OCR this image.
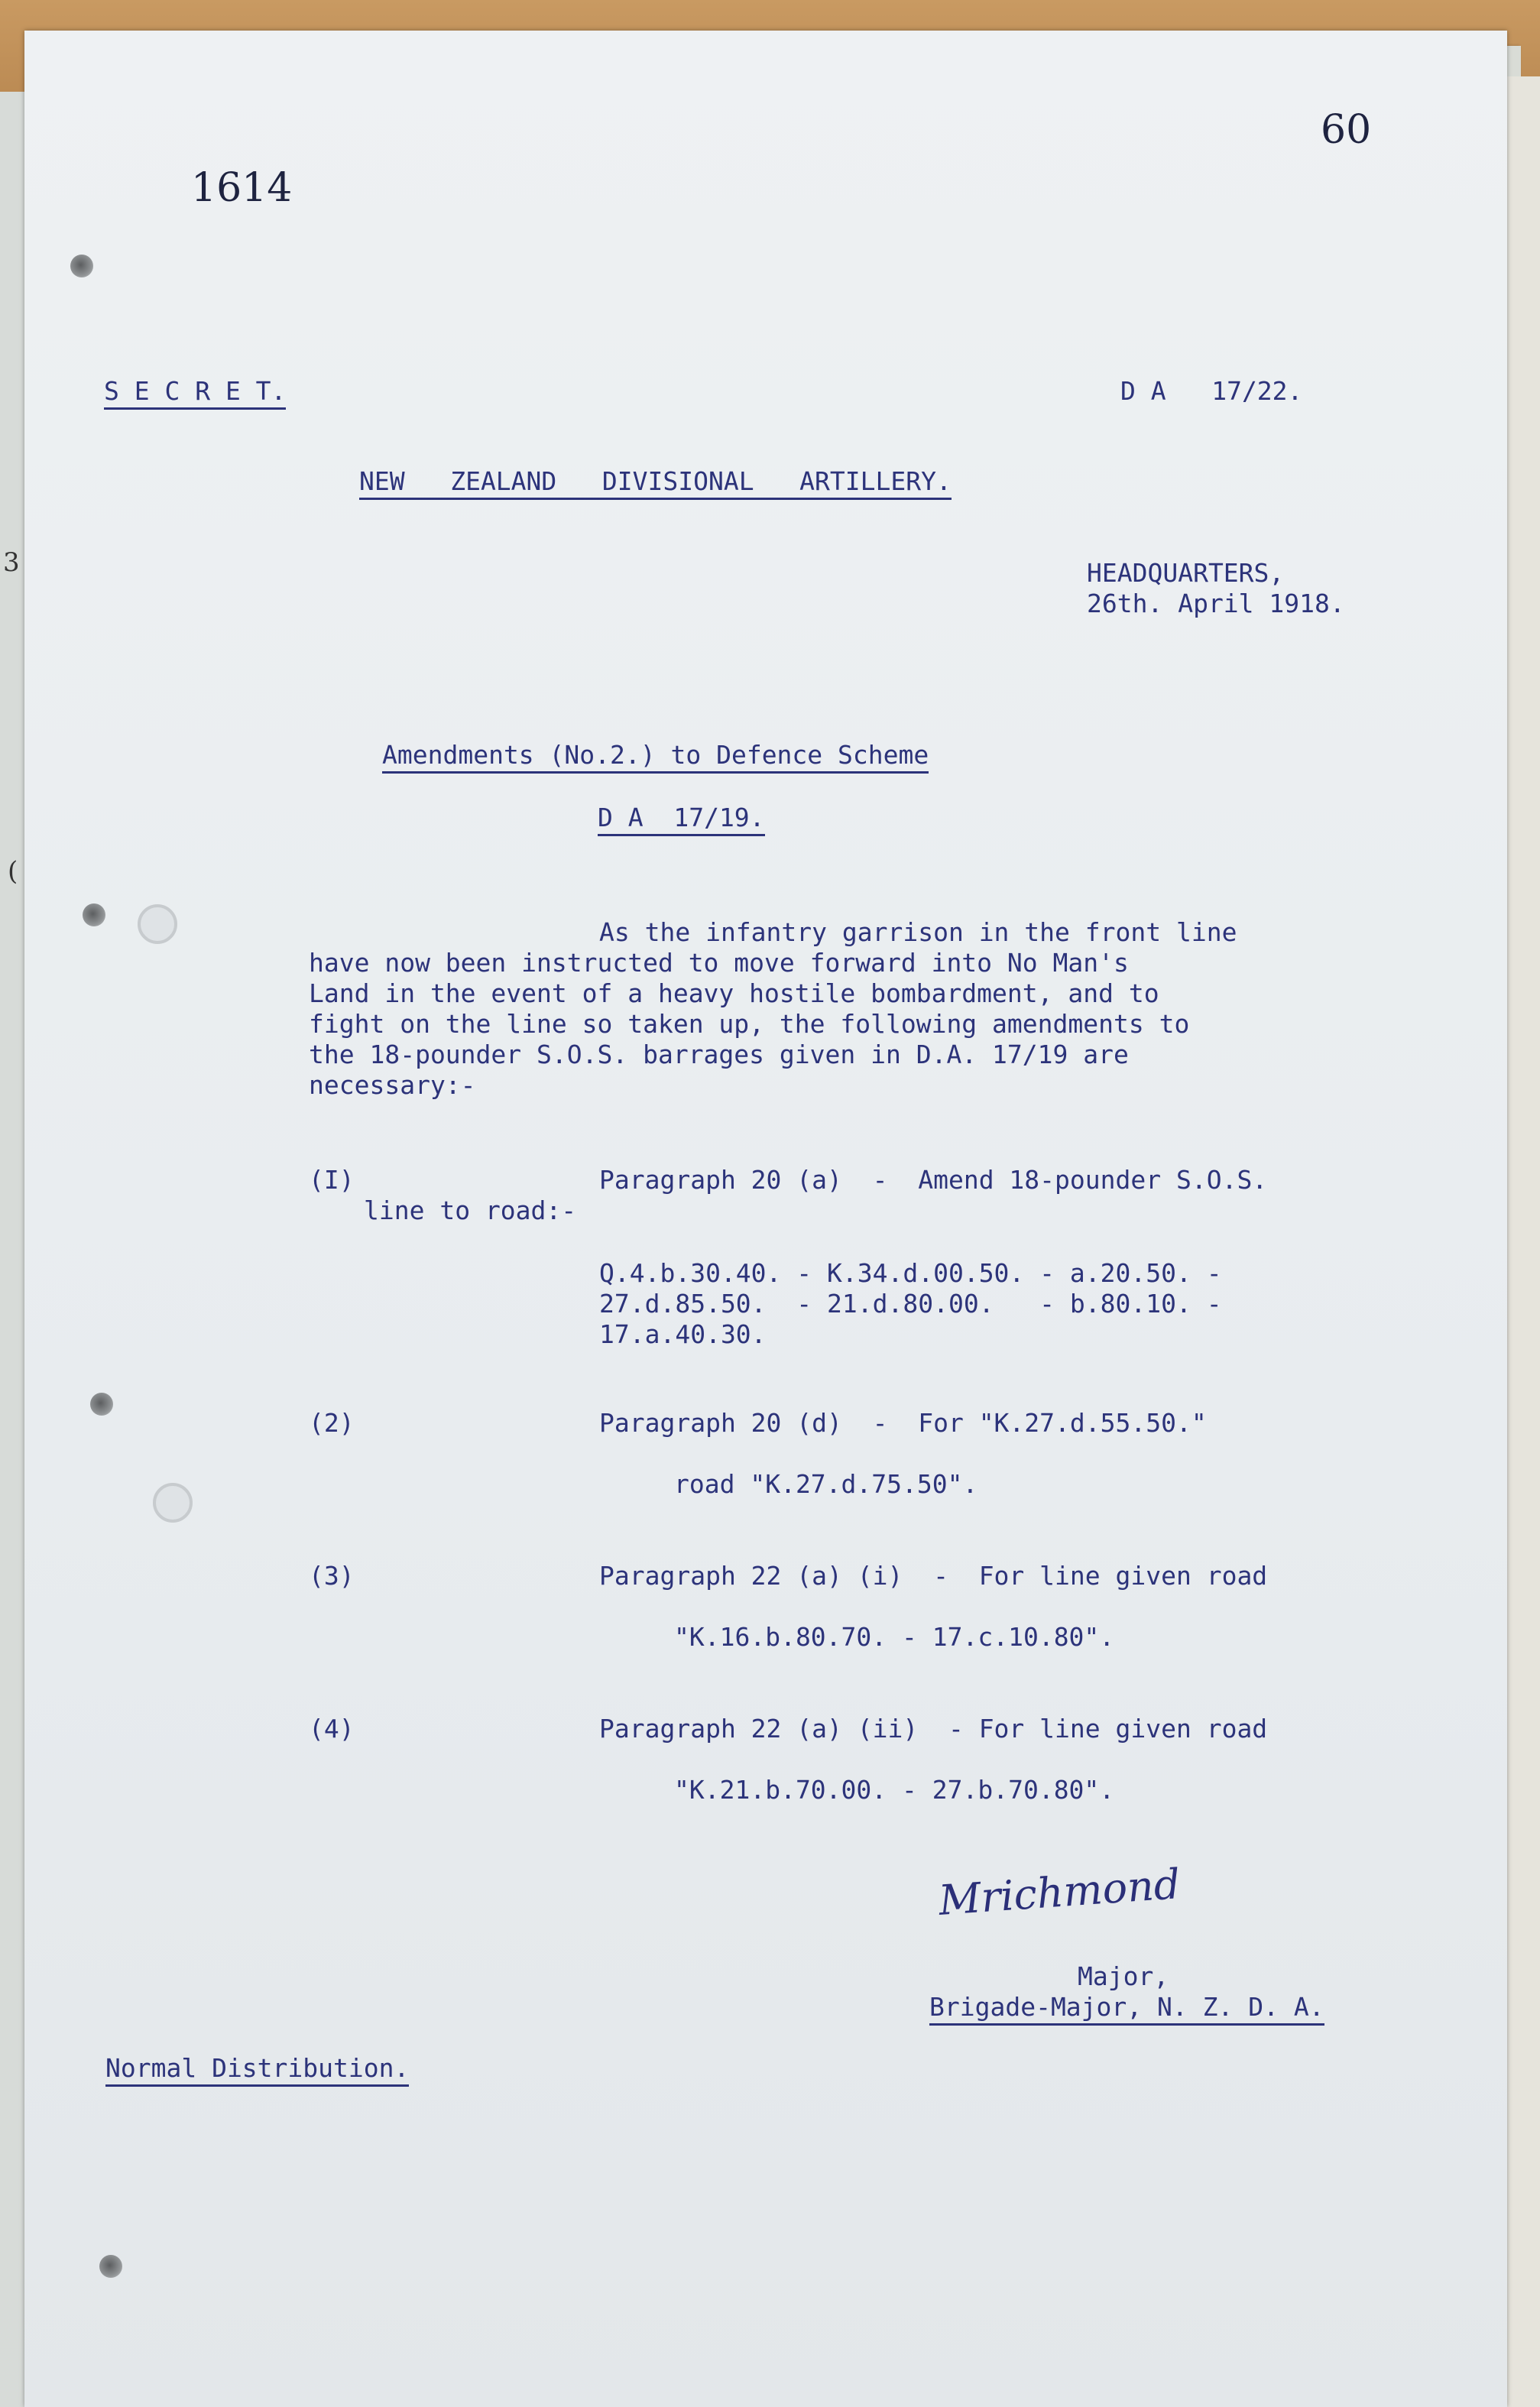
3
(
1614
60
S E C R E T.	D A   17/22.
NEW   ZEALAND   DIVISIONAL   ARTILLERY.
HEADQUARTERS,
26th. April 1918.
Amendments (No.2.) to Defence Scheme
D A  17/19.
As the infantry garrison in the front line
have now been instructed to move forward into No Man's
Land in the event of a heavy hostile bombardment, and to
fight on the line so taken up, the following amendments to
the 18-pounder S.O.S. barrages given in D.A. 17/19 are
necessary:-
(I)	Paragraph 20 (a)  -  Amend 18-pounder S.O.S.
line to road:-
Q.4.b.30.40. - K.34.d.00.50. - a.20.50. -
27.d.85.50.  - 21.d.80.00.   - b.80.10. -
17.a.40.30.
(2)	Paragraph 20 (d)  -  For "K.27.d.55.50."
road "K.27.d.75.50".
(3)	Paragraph 22 (a) (i)  -  For line given road
"K.16.b.80.70. - 17.c.10.80".
(4)	Paragraph 22 (a) (ii)  - For line given road
"K.21.b.70.00. - 27.b.70.80".
Mrichmond
Major,
Brigade-Major, N. Z. D. A.
Normal Distribution.
